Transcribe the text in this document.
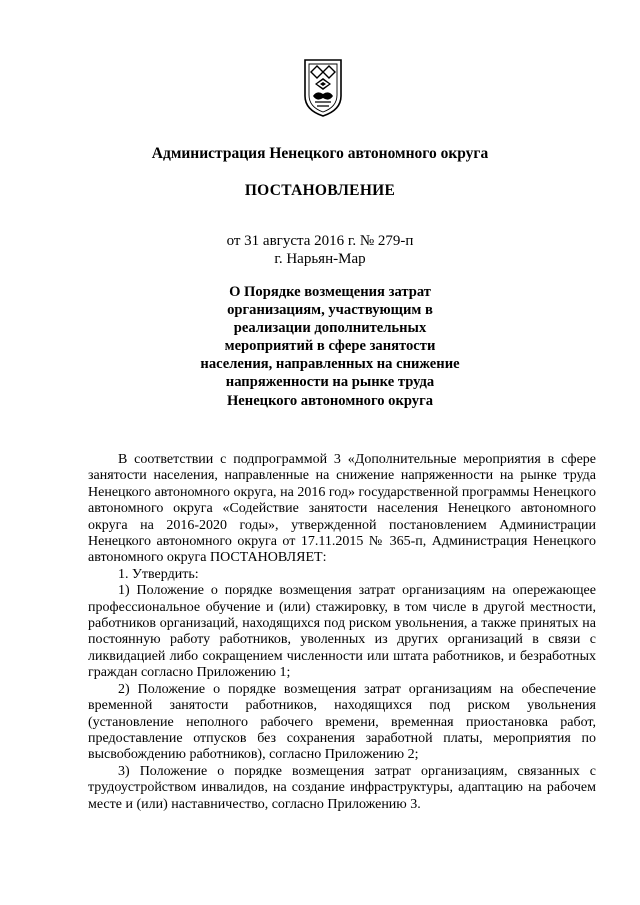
Администрация Ненецкого автономного округа
ПОСТАНОВЛЕНИЕ
от 31 августа 2016 г. № 279-п
г. Нарьян-Мар
О Порядке возмещения затрат
организациям, участвующим в
реализации дополнительных
мероприятий в сфере занятости
населения, направленных на снижение
напряженности на рынке труда
Ненецкого автономного округа

В соответствии с подпрограммой 3 «Дополнительные мероприятия в сфере занятости населения, направленные на снижение напряженности на рынке труда Ненецкого автономного округа, на 2016 год» государственной программы Ненецкого автономного округа «Содействие занятости населения Ненецкого автономного округа на 2016-2020 годы», утвержденной постановлением Администрации Ненецкого автономного округа от 17.11.2015 № 365-п, Администрация Ненецкого автономного округа ПОСТАНОВЛЯЕТ:

1. Утвердить:

1) Положение о порядке возмещения затрат организациям на опережающее профессиональное обучение и (или) стажировку, в том числе в другой местности, работников организаций, находящихся под риском увольнения, а также принятых на постоянную работу работников, уволенных из других организаций в связи с ликвидацией либо сокращением численности или штата работников, и безработных граждан согласно Приложению 1;

2) Положение о порядке возмещения затрат организациям на обеспечение временной занятости работников, находящихся под риском увольнения (установление неполного рабочего времени, временная приостановка работ, предоставление отпусков без сохранения заработной платы, мероприятия по высвобождению работников), согласно Приложению 2;

3) Положение о порядке возмещения затрат организациям, связанных с трудоустройством инвалидов, на создание инфраструктуры, адаптацию на рабочем месте и (или) наставничество, согласно Приложению 3.
